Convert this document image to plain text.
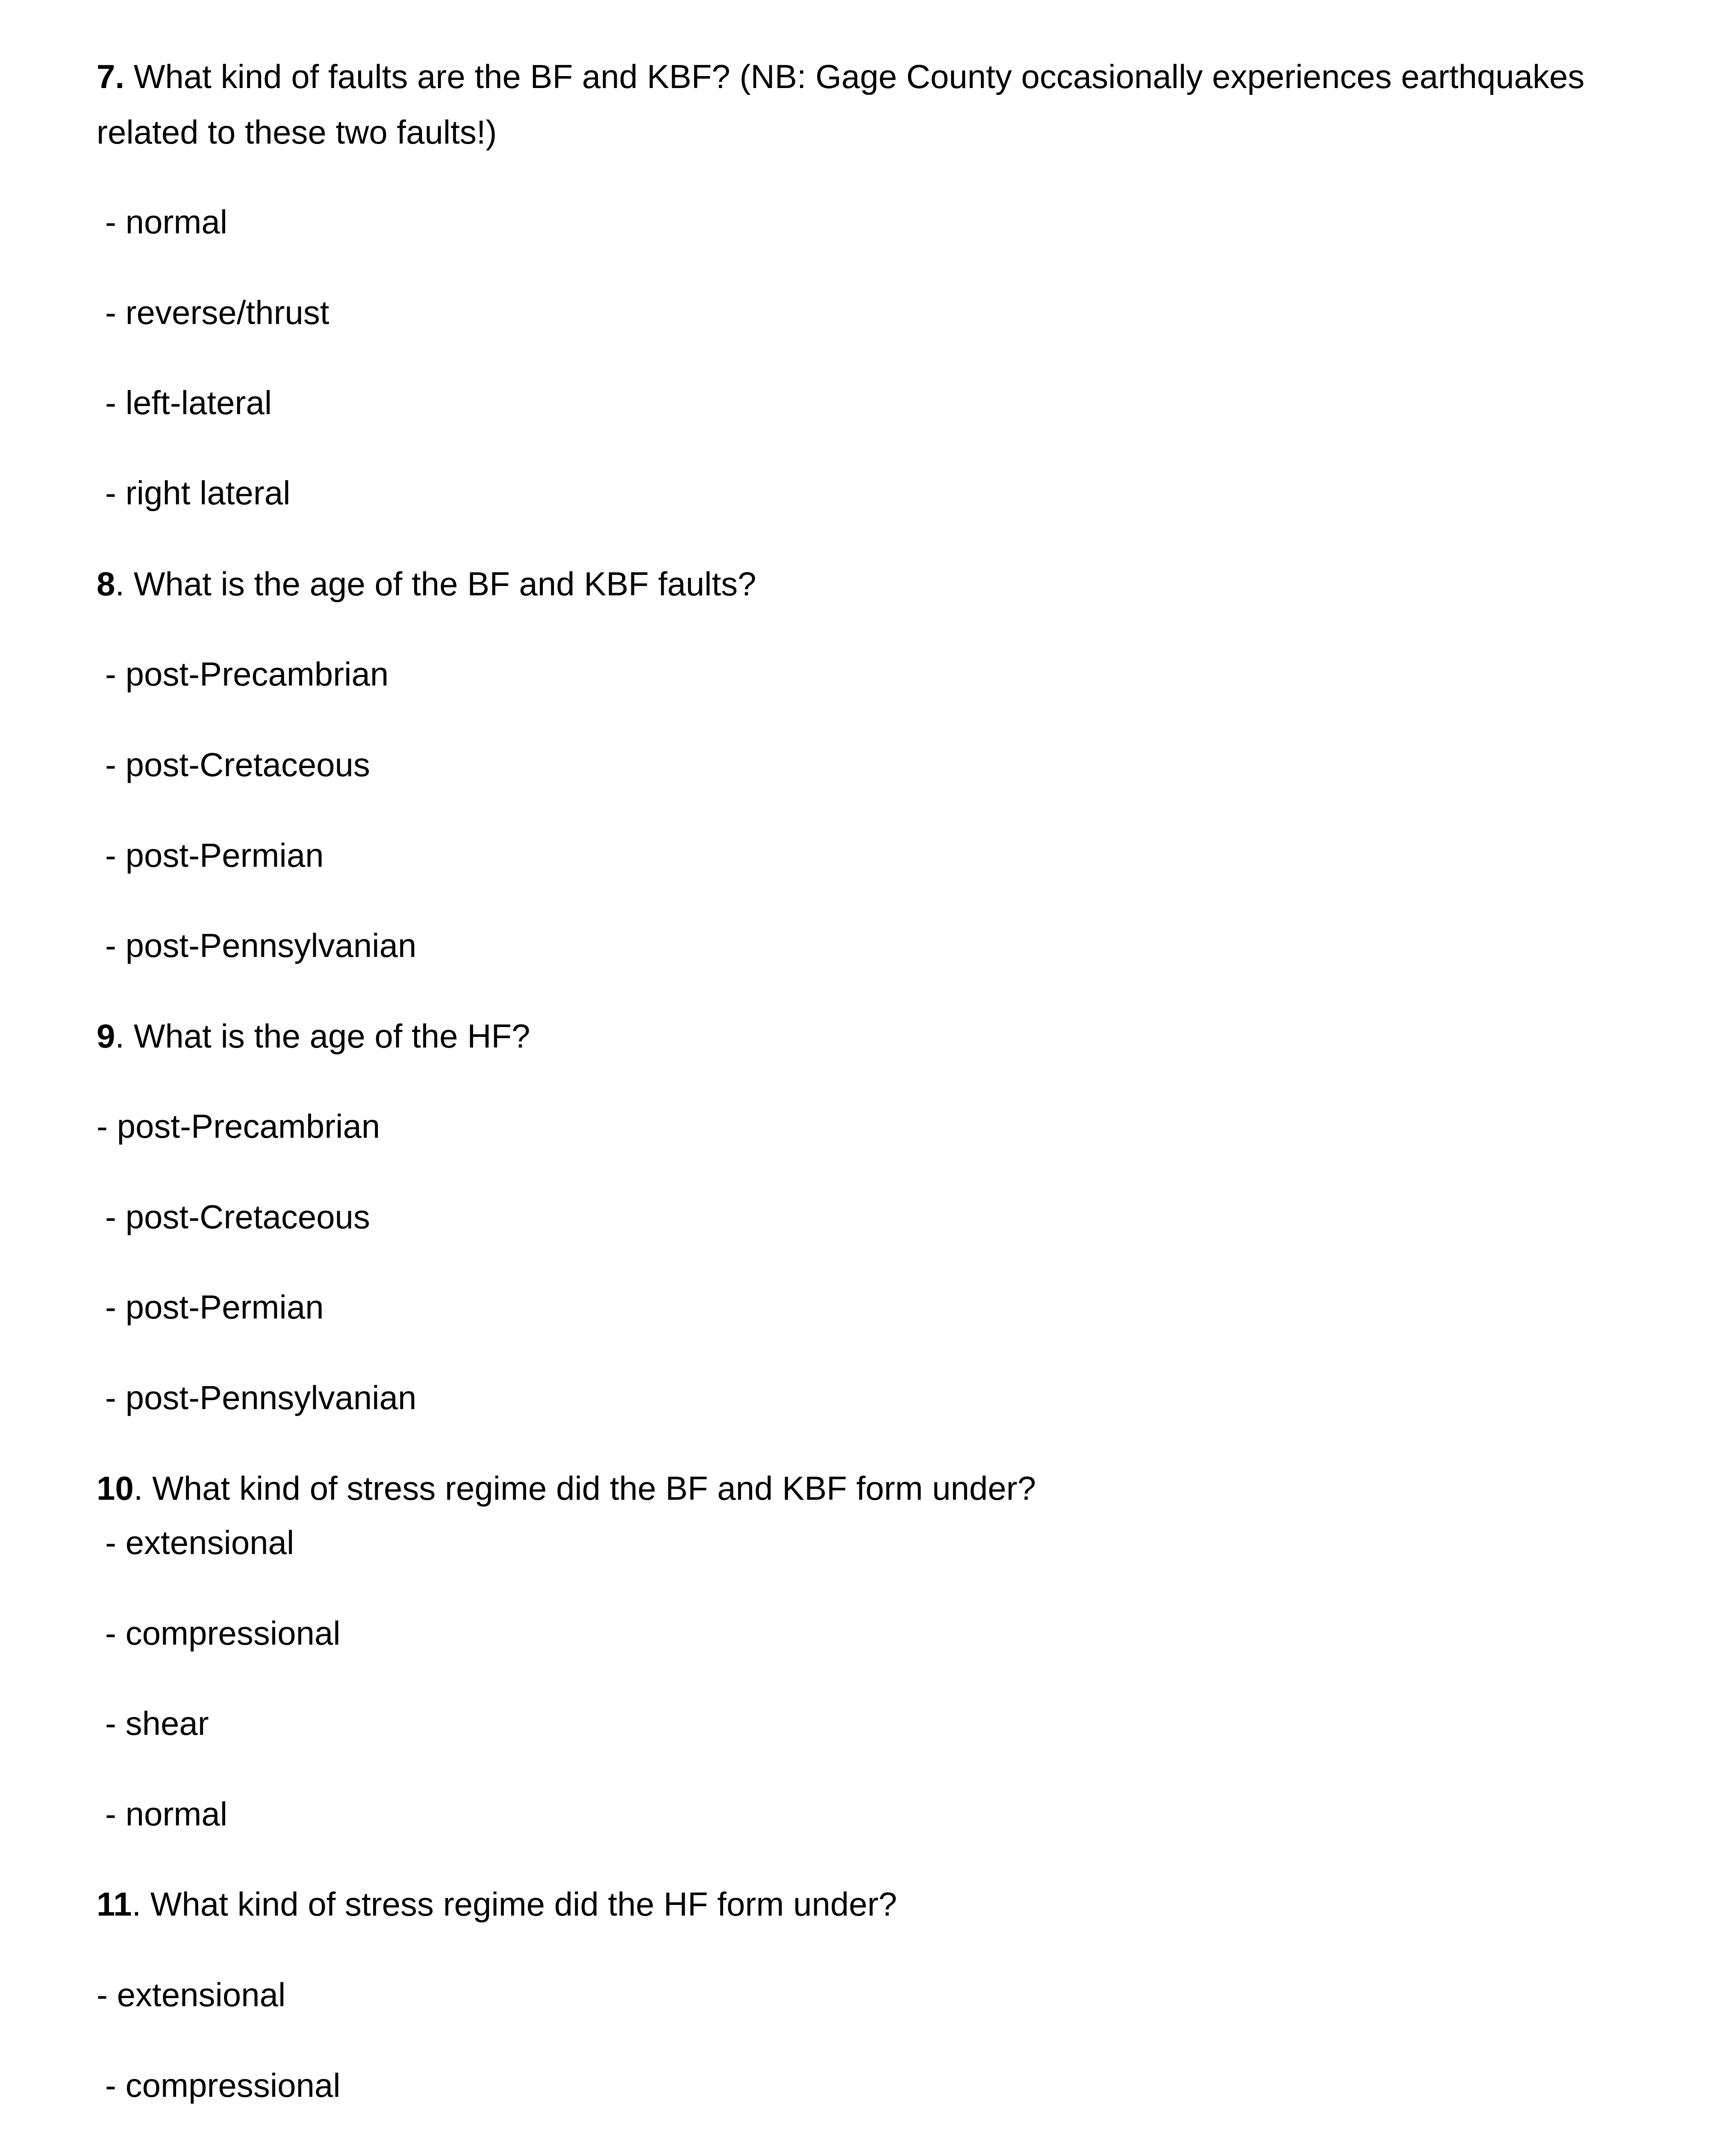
7. What kind of faults are the BF and KBF? (NB: Gage County occasionally experiences earthquakes
related to these two faults!)
- normal
- reverse/thrust
- left-lateral
- right lateral
8. What is the age of the BF and KBF faults?
- post-Precambrian
- post-Cretaceous
- post-Permian
- post-Pennsylvanian
9. What is the age of the HF?
- post-Precambrian
- post-Cretaceous
- post-Permian
- post-Pennsylvanian
10. What kind of stress regime did the BF and KBF form under?
- extensional
- compressional
- shear
- normal
11. What kind of stress regime did the HF form under?
- extensional
- compressional
